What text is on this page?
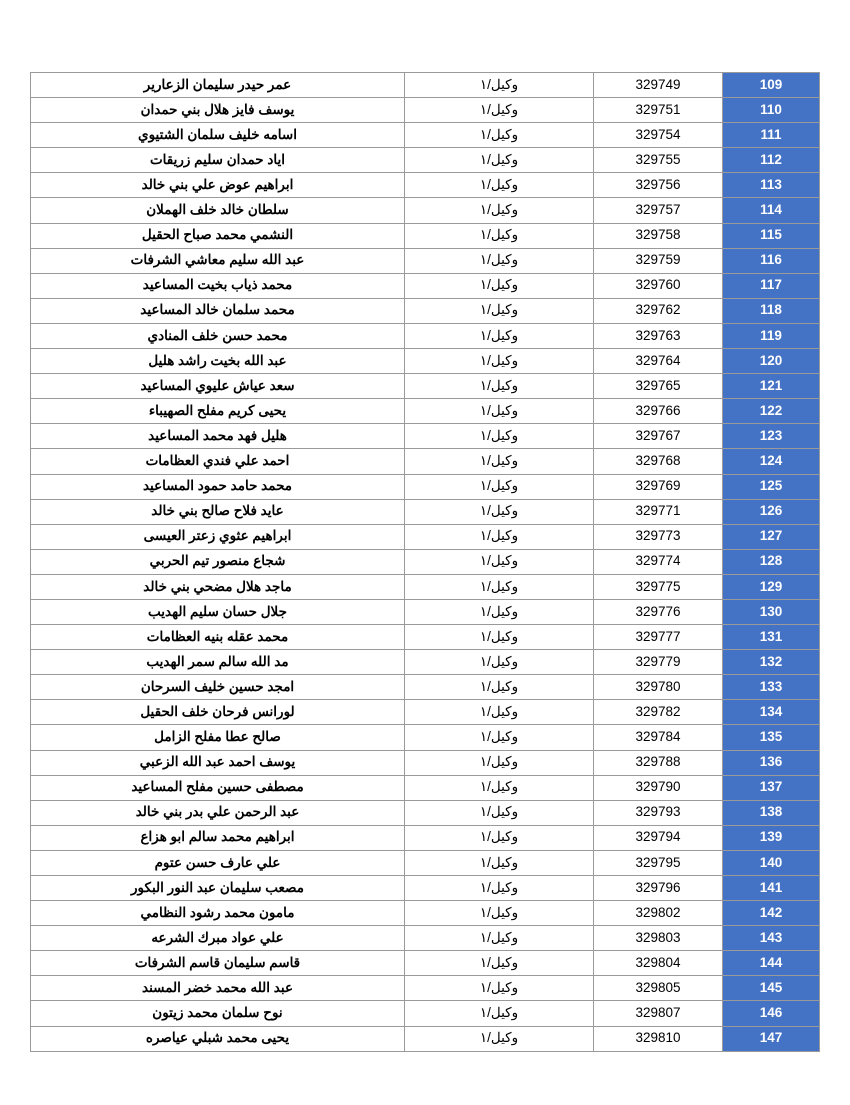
109	329749	وكيل/١	عمر حيدر سليمان الزعارير
110	329751	وكيل/١	يوسف فايز هلال بني حمدان
111	329754	وكيل/١	اسامه خليف سلمان الشتيوي
112	329755	وكيل/١	اياد حمدان سليم زريقات
113	329756	وكيل/١	ابراهيم عوض علي بني خالد
114	329757	وكيل/١	سلطان خالد خلف الهملان
115	329758	وكيل/١	النشمي محمد صباح الحقيل
116	329759	وكيل/١	عبد الله سليم معاشي الشرفات
117	329760	وكيل/١	محمد ذياب بخيت المساعيد
118	329762	وكيل/١	محمد سلمان خالد المساعيد
119	329763	وكيل/١	محمد حسن خلف المنادي
120	329764	وكيل/١	عبد الله بخيت راشد هليل
121	329765	وكيل/١	سعد عياش عليوي المساعيد
122	329766	وكيل/١	يحيى كريم مفلح الصهيباء
123	329767	وكيل/١	هليل فهد محمد المساعيد
124	329768	وكيل/١	احمد علي فندي العظامات
125	329769	وكيل/١	محمد حامد حمود المساعيد
126	329771	وكيل/١	عايد فلاح صالح بني خالد
127	329773	وكيل/١	ابراهيم عثوي زعتر العيسى
128	329774	وكيل/١	شجاع منصور تيم الحربي
129	329775	وكيل/١	ماجد هلال مضحي بني خالد
130	329776	وكيل/١	جلال حسان سليم الهديب
131	329777	وكيل/١	محمد عقله بنيه العظامات
132	329779	وكيل/١	مد الله سالم سمر الهديب
133	329780	وكيل/١	امجد حسين خليف السرحان
134	329782	وكيل/١	لورانس فرحان خلف الحقيل
135	329784	وكيل/١	صالح عطا مفلح الزامل
136	329788	وكيل/١	يوسف احمد عبد الله الزعبي
137	329790	وكيل/١	مصطفى حسين مفلح المساعيد
138	329793	وكيل/١	عبد الرحمن علي بدر بني خالد
139	329794	وكيل/١	ابراهيم محمد سالم ابو هزاع
140	329795	وكيل/١	علي عارف حسن عتوم
141	329796	وكيل/١	مصعب سليمان عبد النور البكور
142	329802	وكيل/١	مامون محمد رشود النظامي
143	329803	وكيل/١	علي عواد مبرك الشرعه
144	329804	وكيل/١	قاسم سليمان قاسم الشرفات
145	329805	وكيل/١	عبد الله محمد خضر المسند
146	329807	وكيل/١	نوح سلمان محمد زيتون
147	329810	وكيل/١	يحيى محمد شبلي عياصره
